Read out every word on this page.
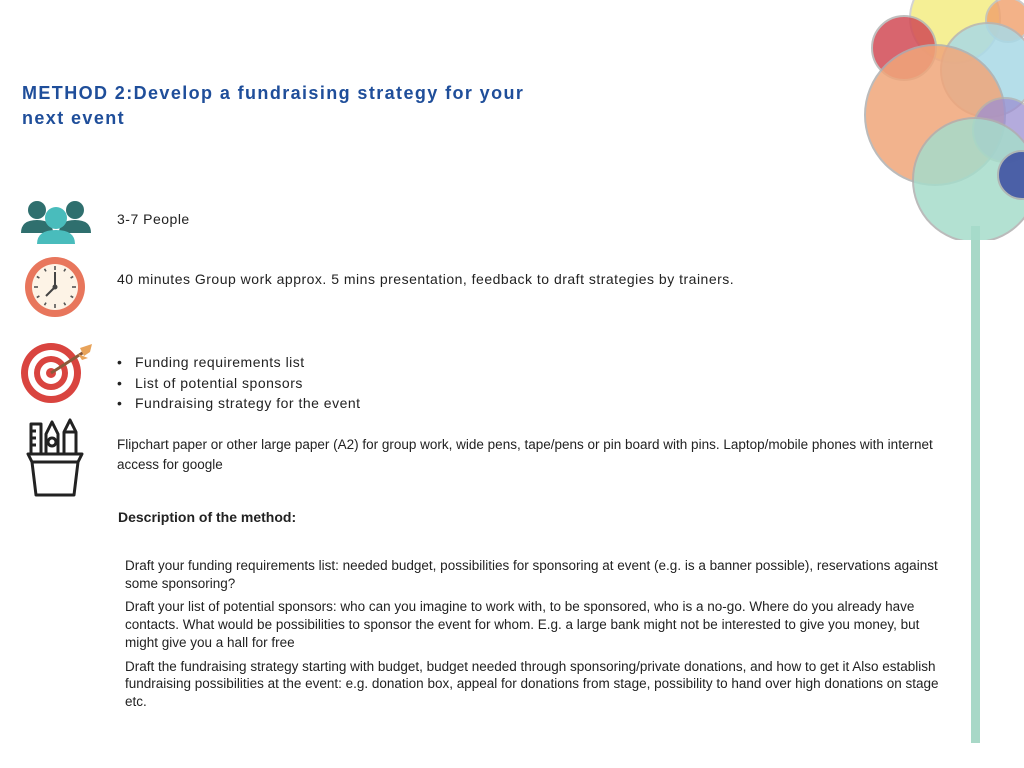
METHOD 2:Develop a fundraising strategy for your
next event
3-7 People
40 minutes Group work approx. 5 mins presentation, feedback to draft strategies by trainers.
• Funding requirements list
• List of potential sponsors
• Fundraising strategy for the event
Flipchart paper or other large paper (A2) for group work, wide pens, tape/pens or pin board with pins. Laptop/mobile phones with internet access for google
Description of the method:

Draft your funding requirements list: needed budget, possibilities for sponsoring at event (e.g. is a banner possible), reservations against some sponsoring?

Draft your list of potential sponsors: who can you imagine to work with, to be sponsored, who is a no-go. Where do you already have contacts. What would be possibilities to sponsor the event for whom. E.g. a large bank might not be interested to give you money, but might give you a hall for free

Draft the fundraising strategy starting with budget, budget needed through sponsoring/private donations, and how to get it Also establish fundraising possibilities at the event: e.g. donation box, appeal for donations from stage, possibility to hand over high donations on stage etc.
